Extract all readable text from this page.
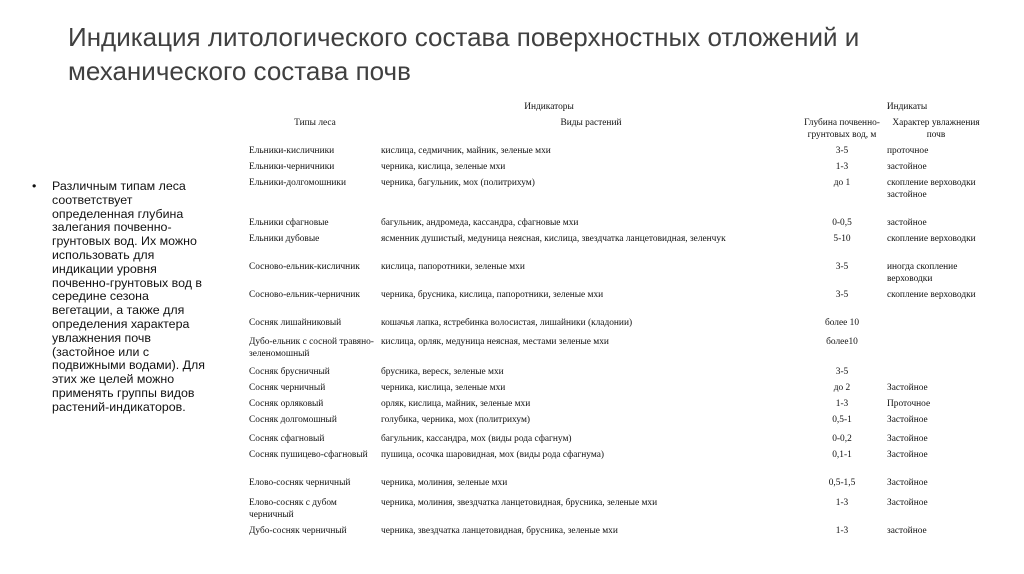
Индикация литологического состава поверхностных отложений и механического состава почв
•	Различным типам леса соответствует определенная глубина залегания почвенно-грунтовых вод. Их можно использовать для индикации уровня почвенно-грунтовых вод в середине сезона вегетации, а также для определения характера увлажнения почв (застойное или с подвижными водами). Для этих же целей можно применять группы видов растений-индикаторов.
Индикаторы		Индикаты	
Типы леса	Виды растений	Глубина почвенно-грунтовых вод, м	Характер увлажнения почв
Ельники-кисличники	кислица, седмичник, майник, зеленые мхи	3-5	проточное
Ельники-черничники	черника, кислица, зеленые мхи	1-3	застойное
Ельники-долгомошники	черника, багульник, мох (политрихум)	до 1	скопление верховодки застойное
Ельники сфагновые	багульник, андромеда, кассандра, сфагновые мхи	0-0,5	застойное
Ельники дубовые	ясменник душистый, медуница неясная, кислица, звездчатка ланцетовидная, зеленчук	5-10	скопление верховодки
Сосново-ельник-кисличник	кислица, папоротники, зеленые мхи	3-5	иногда скопление верховодки
Сосново-ельник-черничник	черника, брусника, кислица, папоротники, зеленые мхи	3-5	скопление верховодки
Сосняк лишайниковый	кошачья лапка, ястребинка волосистая, лишайники (кладонии)	более 10	
Дубо-ельник с сосной травяно-зеленомошный	кислица, орляк, медуница неясная, местами зеленые мхи	более10	
Сосняк брусничный	брусника, вереск, зеленые мхи	3-5	
Сосняк черничный	черника, кислица, зеленые мхи	до 2	Застойное
Сосняк орляковый	орляк, кислица, майник, зеленые мхи	1-3	Проточное
Сосняк долгомошный	голубика, черника, мох (политрихум)	0,5-1	Застойное
Сосняк сфагновый	багульник, кассандра, мох (виды рода сфагнум)	0-0,2	Застойное
Сосняк пушицево-сфагновый	пушица, осочка шаровидная, мох (виды рода сфагнума)	0,1-1	Застойное
Елово-сосняк черничный	черника, молиния, зеленые мхи	0,5-1,5	Застойное
Елово-сосняк с дубом черничный	черника, молиния, звездчатка ланцетовидная, брусника, зеленые мхи	1-3	Застойное
Дубо-сосняк черничный	черника, звездчатка ланцетовидная, брусника, зеленые мхи	1-3	застойное
